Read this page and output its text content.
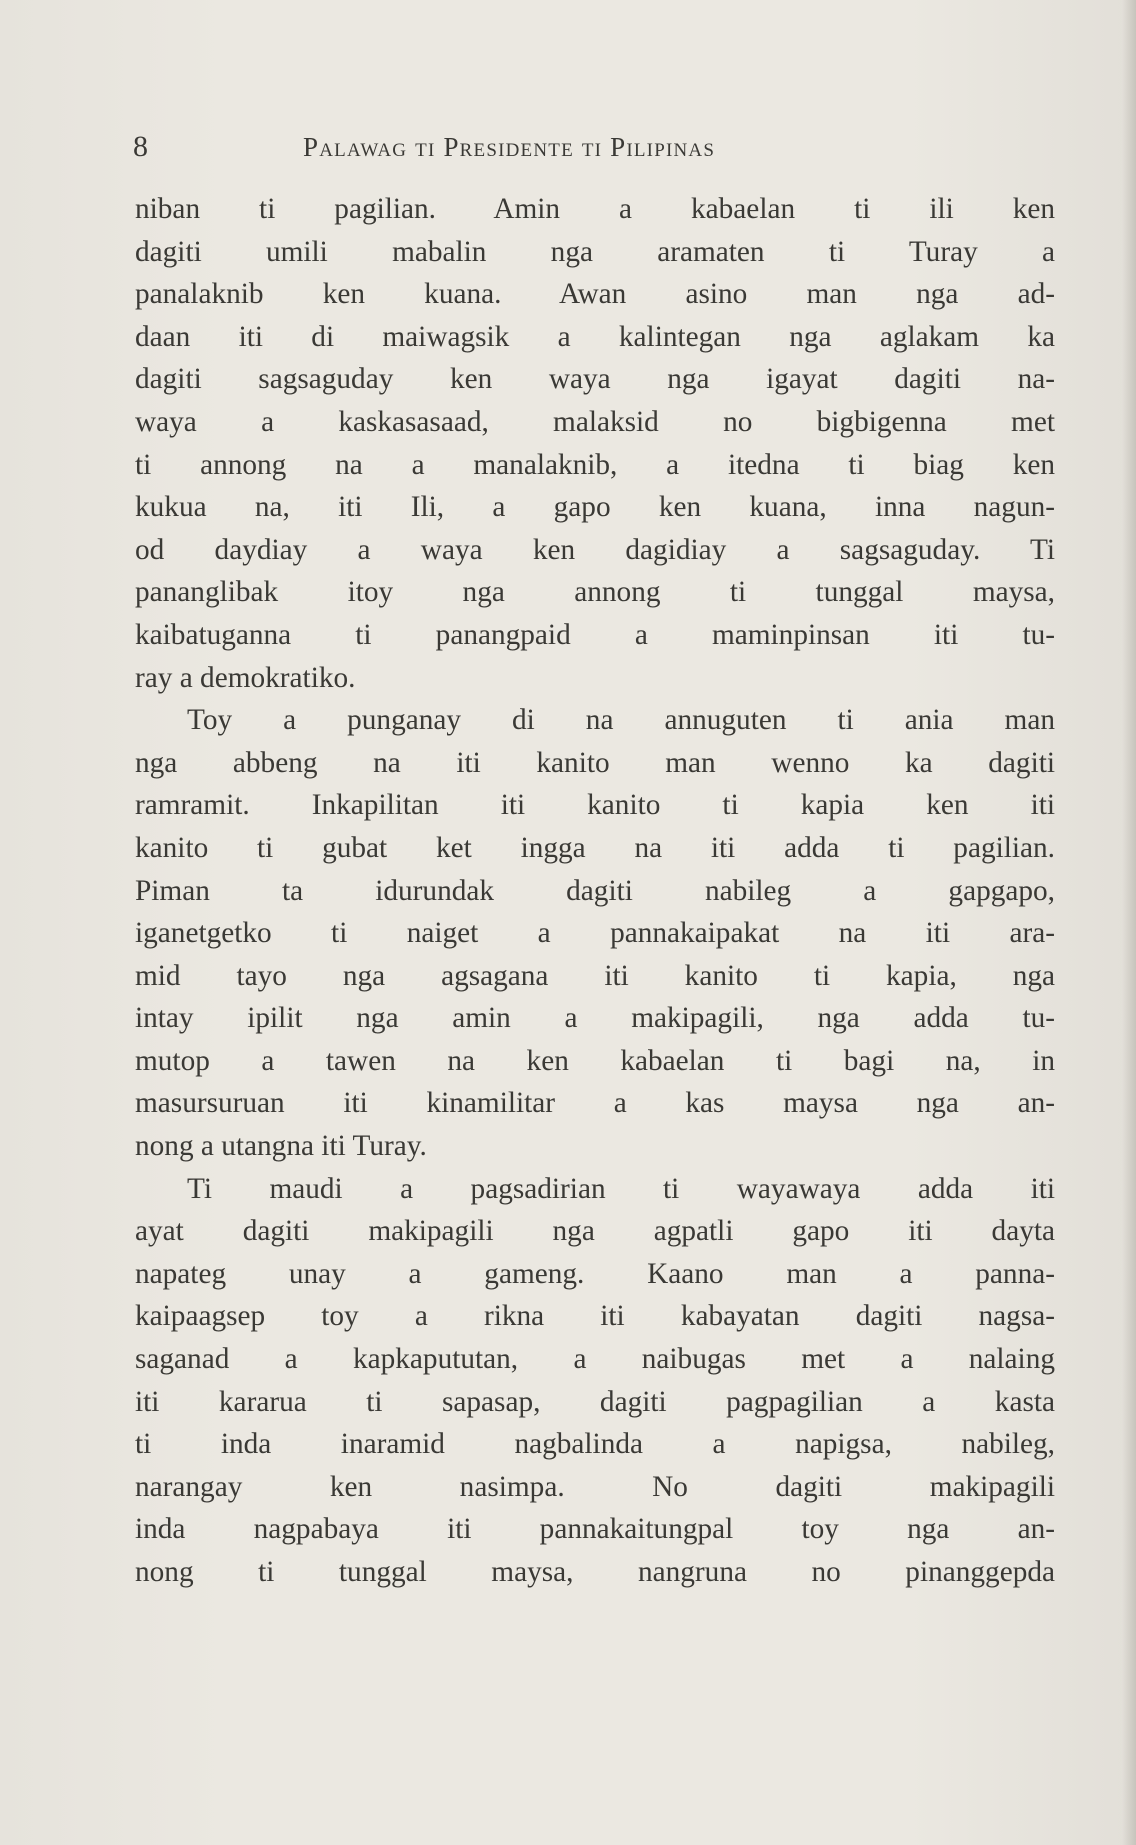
8	Palawag ti Presidente ti Pilipinas
niban ti pagilian. Amin a kabaelan ti ili ken
dagiti umili mabalin nga aramaten ti Turay a
panalaknib ken kuana. Awan asino man nga ad-
daan iti di maiwagsik a kalintegan nga aglakam ka
dagiti sagsaguday ken waya nga igayat dagiti na-
waya a kaskasasaad, malaksid no bigbigenna met
ti annong na a manalaknib, a itedna ti biag ken
kukua na, iti Ili, a gapo ken kuana, inna nagun-
od daydiay a waya ken dagidiay a sagsaguday. Ti
pananglibak itoy nga annong ti tunggal maysa,
kaibatuganna ti panangpaid a maminpinsan iti tu-
ray a demokratiko.
Toy a punganay di na annuguten ti ania man
nga abbeng na iti kanito man wenno ka dagiti
ramramit. Inkapilitan iti kanito ti kapia ken iti
kanito ti gubat ket ingga na iti adda ti pagilian.
Piman ta idurundak dagiti nabileg a gapgapo,
iganetgetko ti naiget a pannakaipakat na iti ara-
mid tayo nga agsagana iti kanito ti kapia, nga
intay ipilit nga amin a makipagili, nga adda tu-
mutop a tawen na ken kabaelan ti bagi na, in
masursuruan iti kinamilitar a kas maysa nga an-
nong a utangna iti Turay.
Ti maudi a pagsadirian ti wayawaya adda iti
ayat dagiti makipagili nga agpatli gapo iti dayta
napateg unay a gameng. Kaano man a panna-
kaipaagsep toy a rikna iti kabayatan dagiti nagsa-
saganad a kapkapututan, a naibugas met a nalaing
iti kararua ti sapasap, dagiti pagpagilian a kasta
ti inda inaramid nagbalinda a napigsa, nabileg,
narangay ken nasimpa. No dagiti makipagili
inda nagpabaya iti pannakaitungpal toy nga an-
nong ti tunggal maysa, nangruna no pinanggepda
